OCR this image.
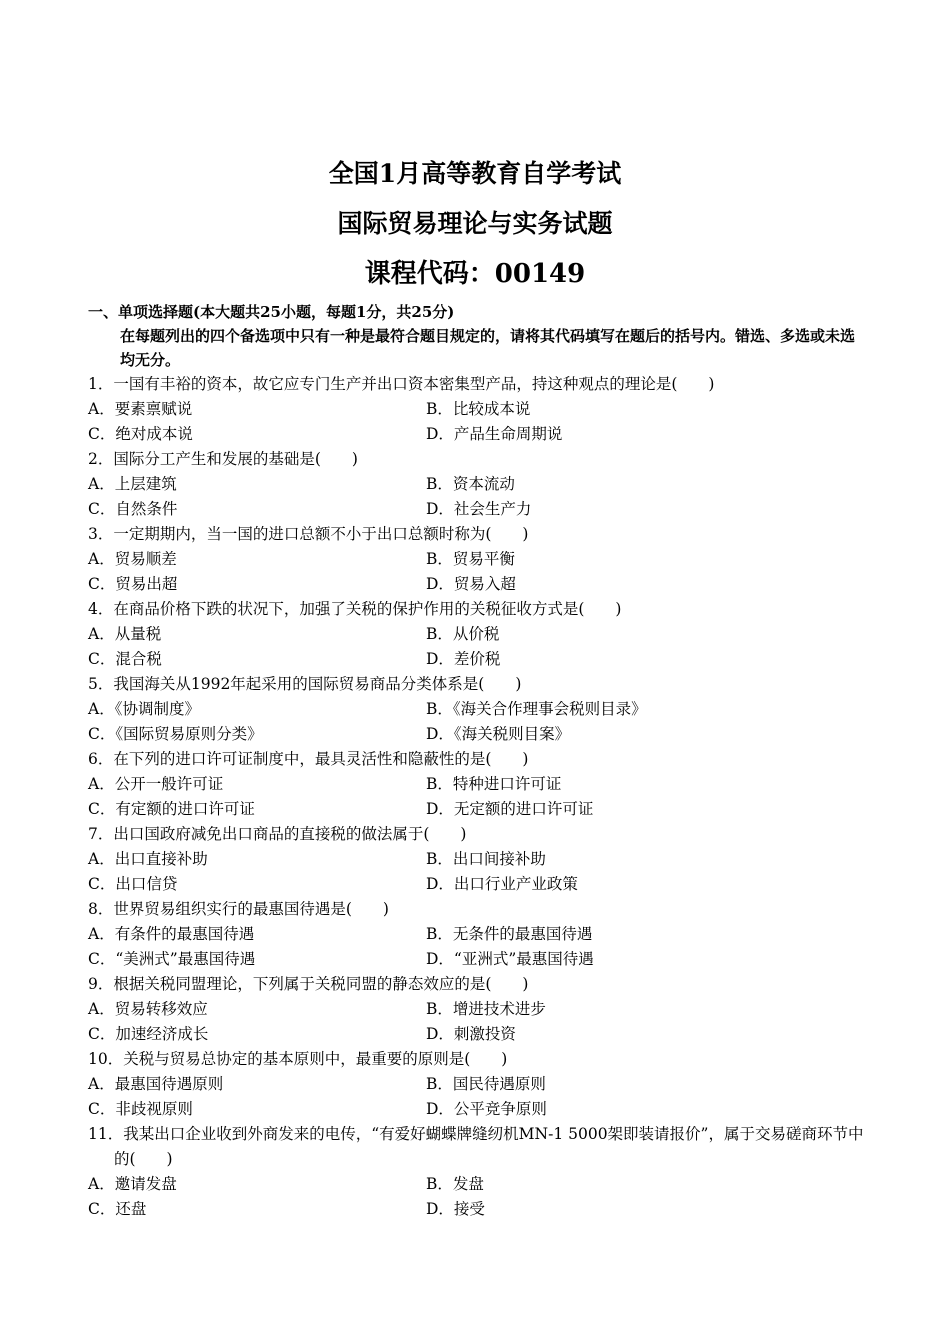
全国1月高等教育自学考试
国际贸易理论与实务试题
课程代码：00149
一、单项选择题(本大题共25小题，每题1分，共25分)
在每题列出的四个备选项中只有一种是最符合题目规定的，请将其代码填写在题后的括号内。错选、多选或未选均无分。
1．一国有丰裕的资本，故它应专门生产并出口资本密集型产品，持这种观点的理论是(　　)
A．要素禀赋说	B．比较成本说
C．绝对成本说	D．产品生命周期说
2．国际分工产生和发展的基础是(　　)
A．上层建筑	B．资本流动
C．自然条件	D．社会生产力
3．一定期期内，当一国的进口总额不小于出口总额时称为(　　)
A．贸易顺差	B．贸易平衡
C．贸易出超	D．贸易入超
4．在商品价格下跌的状况下，加强了关税的保护作用的关税征收方式是(　　)
A．从量税	B．从价税
C．混合税	D．差价税
5．我国海关从1992年起采用的国际贸易商品分类体系是(　　)
A．《协调制度》	B．《海关合作理事会税则目录》
C．《国际贸易原则分类》	D．《海关税则目案》
6．在下列的进口许可证制度中，最具灵活性和隐蔽性的是(　　)
A．公开一般许可证	B．特种进口许可证
C．有定额的进口许可证	D．无定额的进口许可证
7．出口国政府减免出口商品的直接税的做法属于(　　)
A．出口直接补助	B．出口间接补助
C．出口信贷	D．出口行业产业政策
8．世界贸易组织实行的最惠国待遇是(　　)
A．有条件的最惠国待遇	B．无条件的最惠国待遇
C．“美洲式”最惠国待遇	D．“亚洲式”最惠国待遇
9．根据关税同盟理论，下列属于关税同盟的静态效应的是(　　)
A．贸易转移效应	B．增进技术进步
C．加速经济成长	D．刺激投资
10．关税与贸易总协定的基本原则中，最重要的原则是(　　)
A．最惠国待遇原则	B．国民待遇原则
C．非歧视原则	D．公平竞争原则
11．我某出口企业收到外商发来的电传，“有爱好蝴蝶牌缝纫机MN-1 5000架即装请报价”，属于交易磋商环节中的(　　)
A．邀请发盘	B．发盘
C．还盘	D．接受
